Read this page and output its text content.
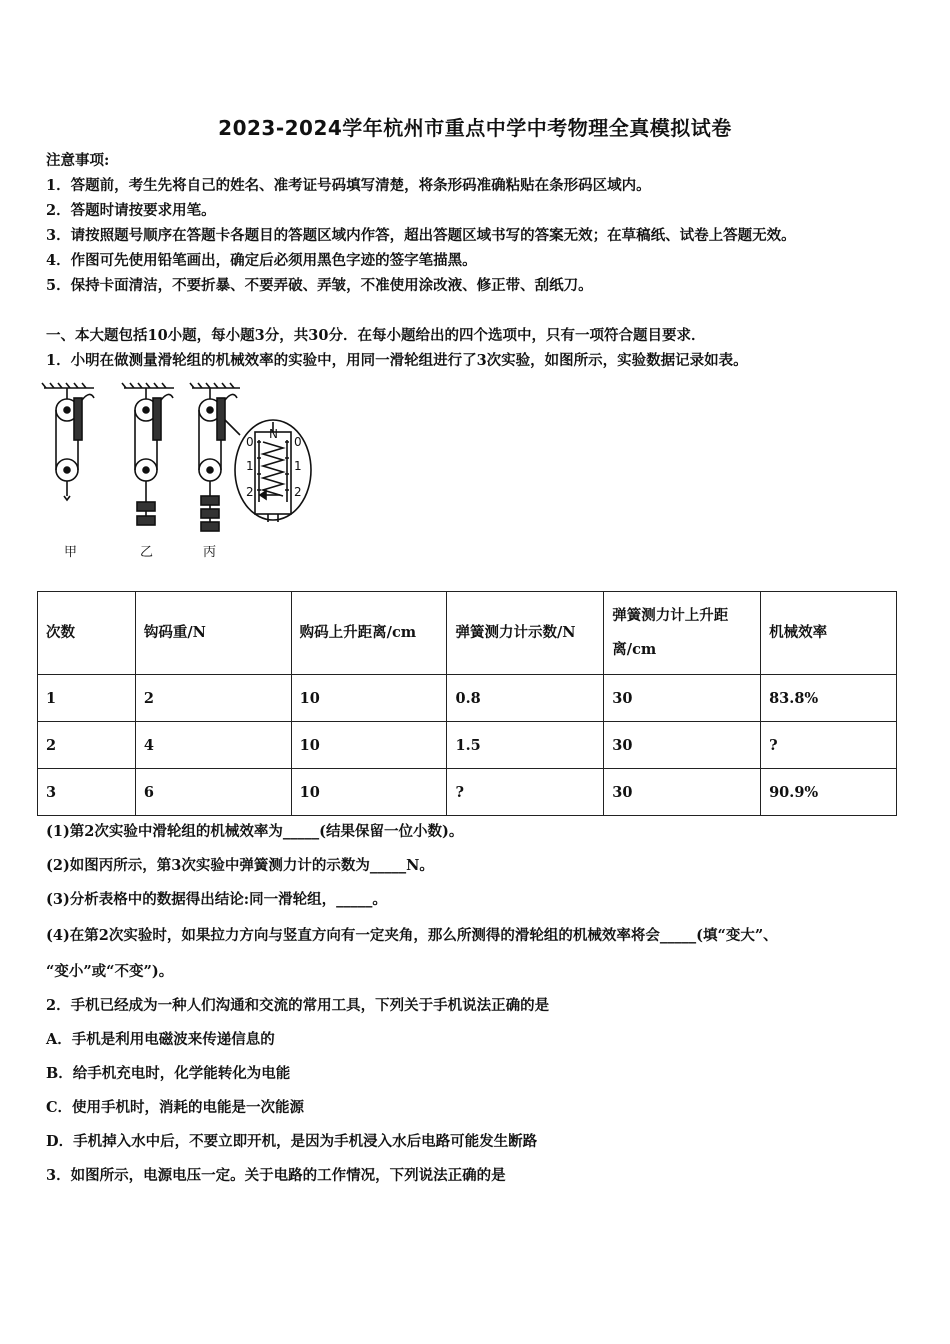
2023-2024学年杭州市重点中学中考物理全真模拟试卷
注意事项:
1．答题前，考生先将自己的姓名、准考证号码填写清楚，将条形码准确粘贴在条形码区域内。
2．答题时请按要求用笔。
3．请按照题号顺序在答题卡各题目的答题区域内作答，超出答题区域书写的答案无效；在草稿纸、试卷上答题无效。
4．作图可先使用铅笔画出，确定后必须用黑色字迹的签字笔描黑。
5．保持卡面清洁，不要折暴、不要弄破、弄皱，不准使用涂改液、修正带、刮纸刀。
一、本大题包括10小题，每小题3分，共30分．在每小题给出的四个选项中，只有一项符合题目要求．
1．小明在做测量滑轮组的机械效率的实验中，用同一滑轮组进行了3次实验，如图所示，实验数据记录如表。
N
0
1
2
0
1
2
甲	乙	丙
次数	钩码重/N	购码上升距离/cm	弹簧测力计示数/N	弹簧测力计上升距离/cm	机械效率
1	2	10	0.8	30	83.8%
2	4	10	1.5	30	?
3	6	10	?	30	90.9%
(1)第2次实验中滑轮组的机械效率为_____(结果保留一位小数)。
(2)如图丙所示，第3次实验中弹簧测力计的示数为_____N。
(3)分析表格中的数据得出结论:同一滑轮组，_____。
(4)在第2次实验时，如果拉力方向与竖直方向有一定夹角，那么所测得的滑轮组的机械效率将会_____(填“变大”、
“变小”或“不变”)。
2．手机已经成为一种人们沟通和交流的常用工具，下列关于手机说法正确的是
A．手机是利用电磁波来传递信息的
B．给手机充电时，化学能转化为电能
C．使用手机时，消耗的电能是一次能源
D．手机掉入水中后，不要立即开机，是因为手机浸入水后电路可能发生断路
3．如图所示，电源电压一定。关于电路的工作情况，下列说法正确的是
